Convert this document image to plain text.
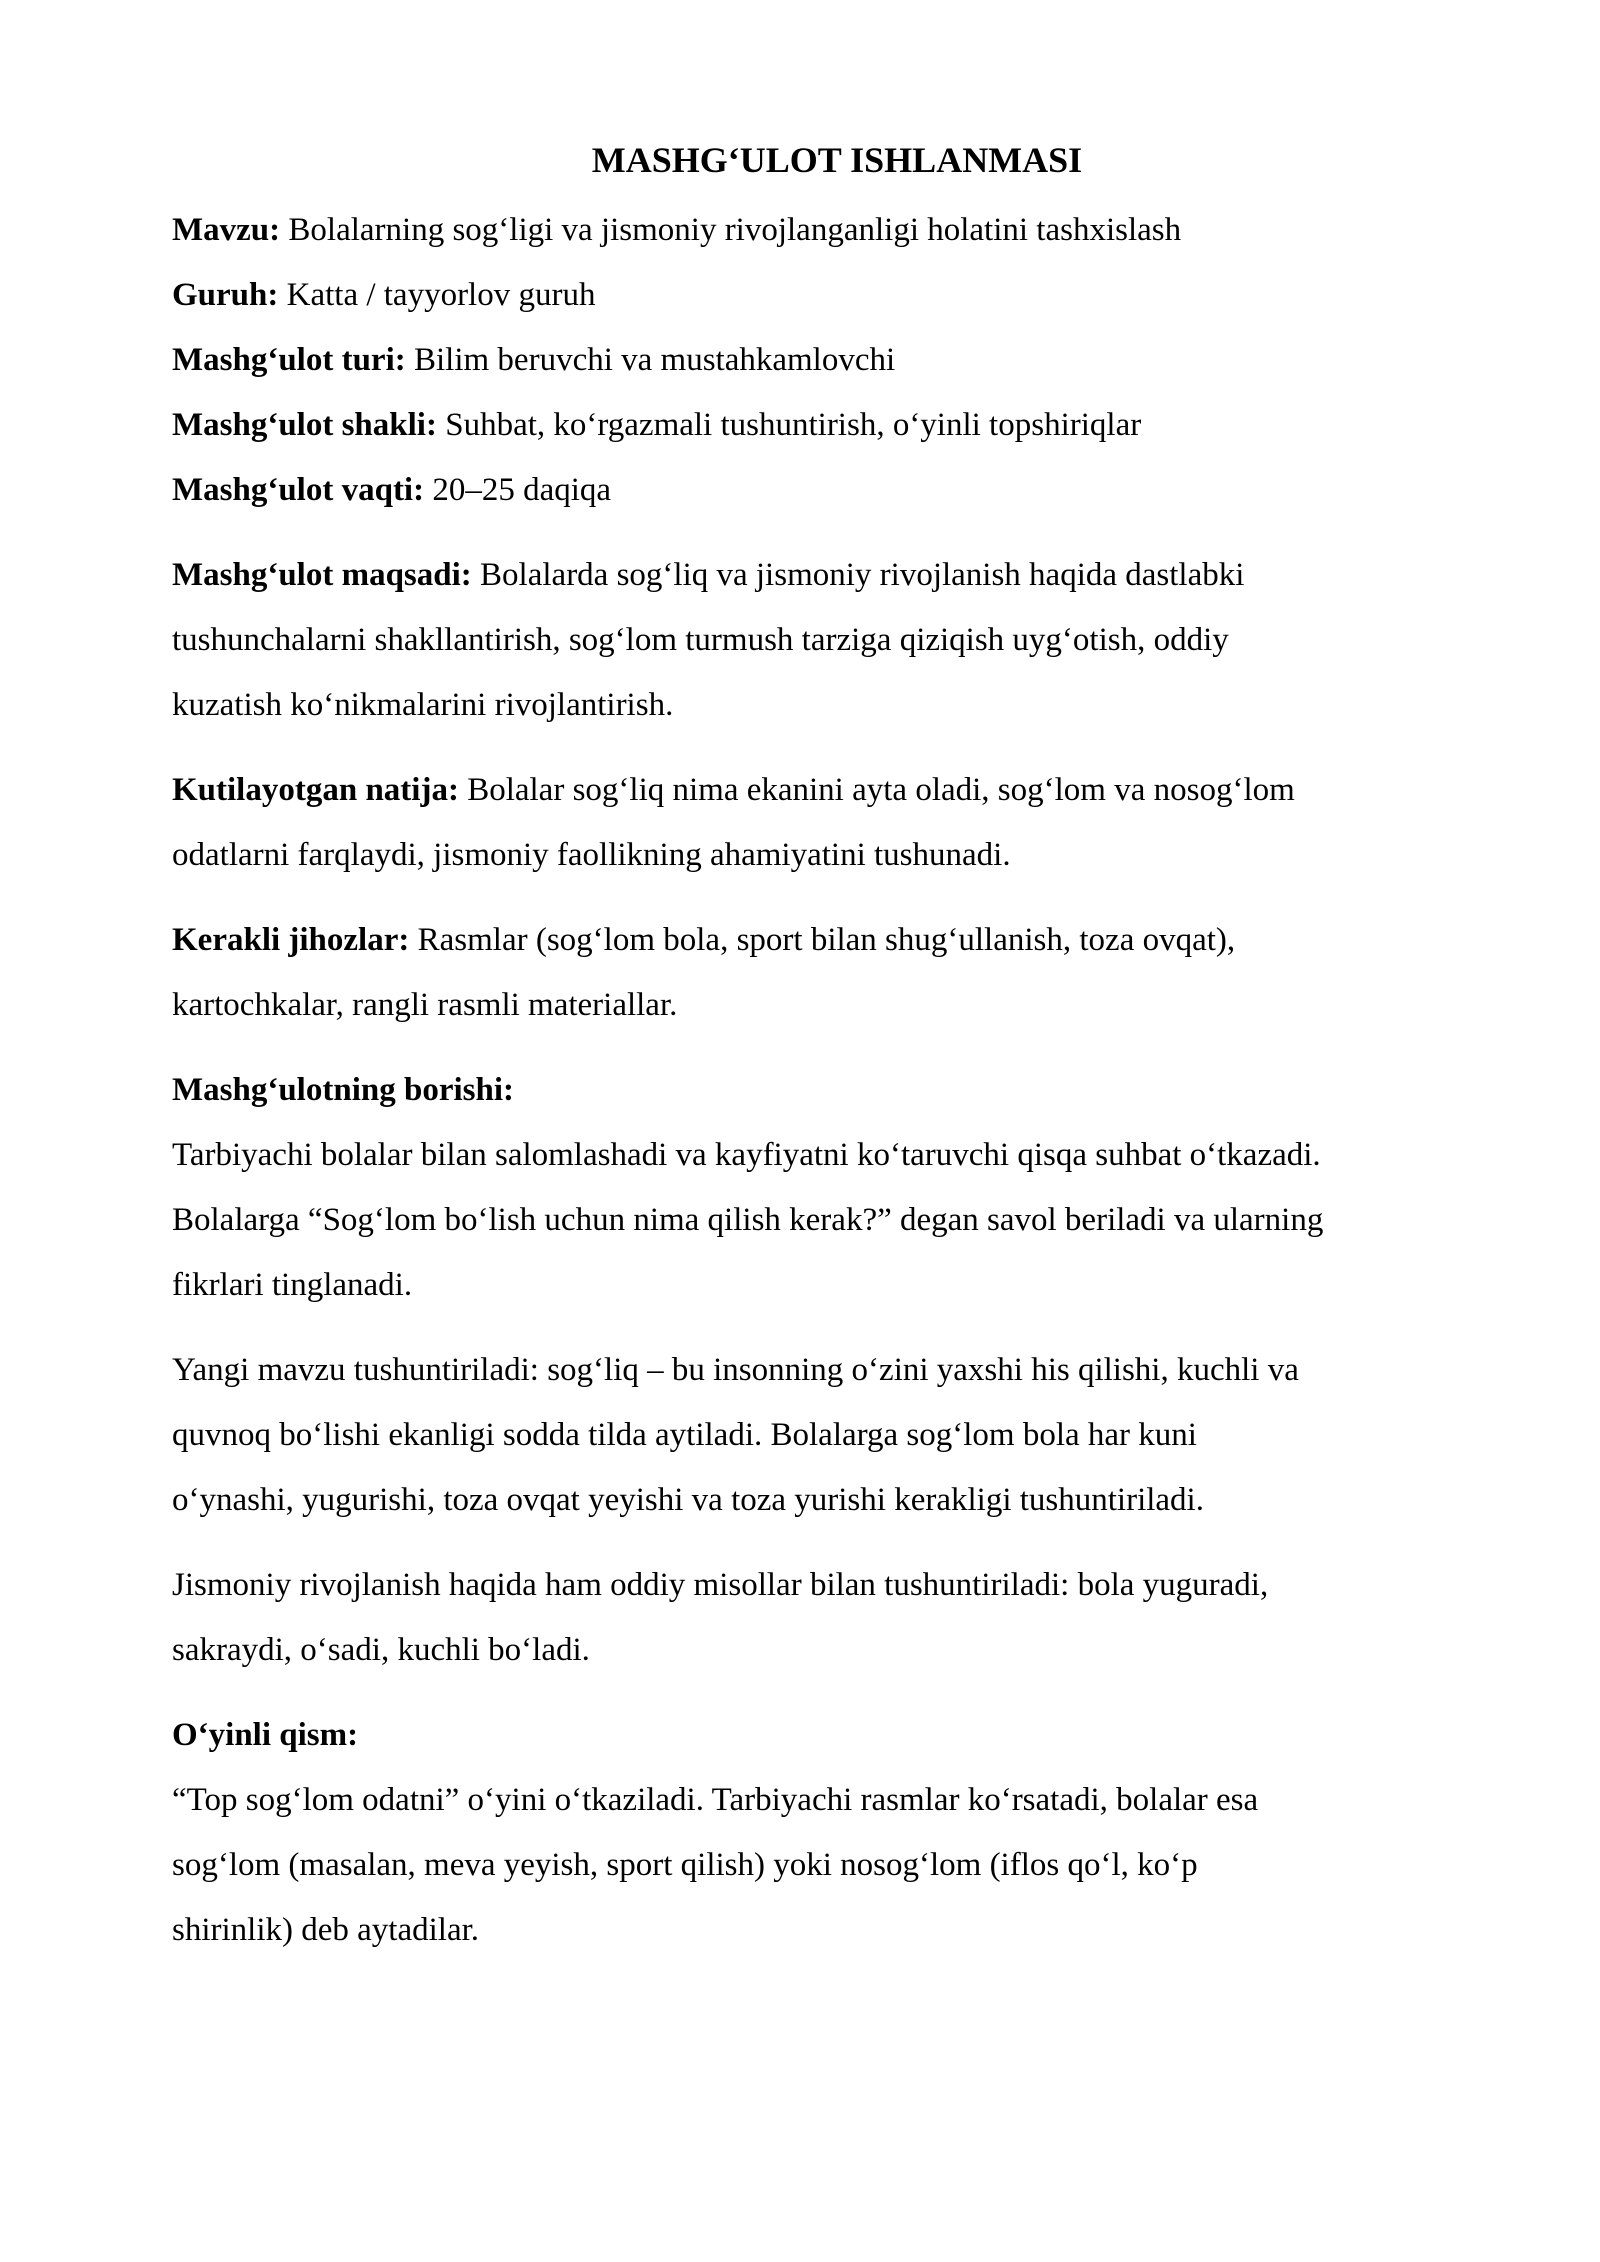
MASHG‘ULOT ISHLANMASI
Mavzu: Bolalarning sog‘ligi va jismoniy rivojlanganligi holatini tashxislash
Guruh: Katta / tayyorlov guruh
Mashg‘ulot turi: Bilim beruvchi va mustahkamlovchi
Mashg‘ulot shakli: Suhbat, ko‘rgazmali tushuntirish, o‘yinli topshiriqlar
Mashg‘ulot vaqti: 20–25 daqiqa
Mashg‘ulot maqsadi: Bolalarda sog‘liq va jismoniy rivojlanish haqida dastlabki
tushunchalarni shakllantirish, sog‘lom turmush tarziga qiziqish uyg‘otish, oddiy
kuzatish ko‘nikmalarini rivojlantirish.
Kutilayotgan natija: Bolalar sog‘liq nima ekanini ayta oladi, sog‘lom va nosog‘lom
odatlarni farqlaydi, jismoniy faollikning ahamiyatini tushunadi.
Kerakli jihozlar: Rasmlar (sog‘lom bola, sport bilan shug‘ullanish, toza ovqat),
kartochkalar, rangli rasmli materiallar.
Mashg‘ulotning borishi:
Tarbiyachi bolalar bilan salomlashadi va kayfiyatni ko‘taruvchi qisqa suhbat o‘tkazadi.
Bolalarga “Sog‘lom bo‘lish uchun nima qilish kerak?” degan savol beriladi va ularning
fikrlari tinglanadi.
Yangi mavzu tushuntiriladi: sog‘liq – bu insonning o‘zini yaxshi his qilishi, kuchli va
quvnoq bo‘lishi ekanligi sodda tilda aytiladi. Bolalarga sog‘lom bola har kuni
o‘ynashi, yugurishi, toza ovqat yeyishi va toza yurishi kerakligi tushuntiriladi.
Jismoniy rivojlanish haqida ham oddiy misollar bilan tushuntiriladi: bola yuguradi,
sakraydi, o‘sadi, kuchli bo‘ladi.
O‘yinli qism:
“Top sog‘lom odatni” o‘yini o‘tkaziladi. Tarbiyachi rasmlar ko‘rsatadi, bolalar esa
sog‘lom (masalan, meva yeyish, sport qilish) yoki nosog‘lom (iflos qo‘l, ko‘p
shirinlik) deb aytadilar.
